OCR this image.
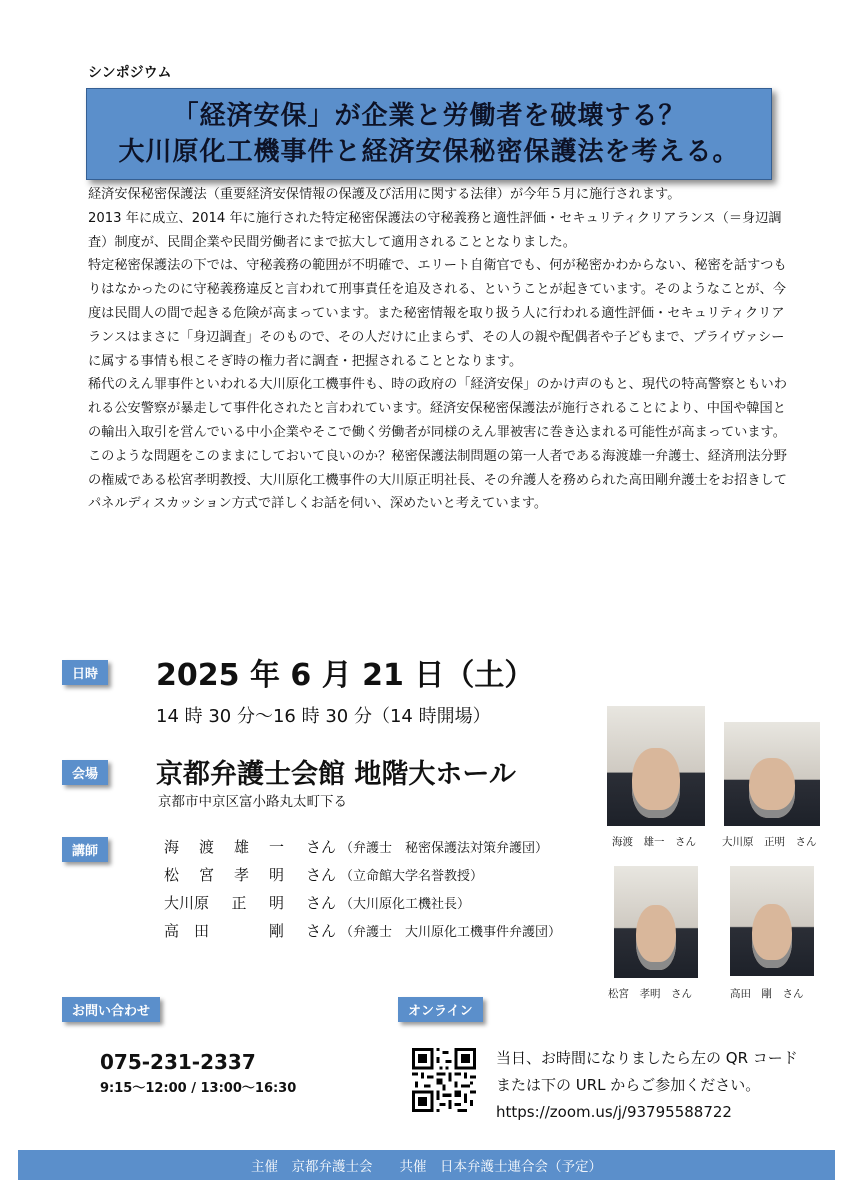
シンポジウム
「経済安保」が企業と労働者を破壊する？
大川原化工機事件と経済安保秘密保護法を考える。

経済安保秘密保護法（重要経済安保情報の保護及び活用に関する法律）が今年５月に施行されます。

2013 年に成立、2014 年に施行された特定秘密保護法の守秘義務と適性評価・セキュリティクリアランス（＝身辺調査）制度が、民間企業や民間労働者にまで拡大して適用されることとなりました。

特定秘密保護法の下では、守秘義務の範囲が不明確で、エリート自衛官でも、何が秘密かわからない、秘密を話すつもりはなかったのに守秘義務違反と言われて刑事責任を追及される、ということが起きています。そのようなことが、今度は民間人の間で起きる危険が高まっています。また秘密情報を取り扱う人に行われる適性評価・セキュリティクリアランスはまさに「身辺調査」そのもので、その人だけに止まらず、その人の親や配偶者や子どもまで、プライヴァシーに属する事情も根こそぎ時の権力者に調査・把握されることとなります。

稀代のえん罪事件といわれる大川原化工機事件も、時の政府の「経済安保」のかけ声のもと、現代の特高警察ともいわれる公安警察が暴走して事件化されたと言われています。経済安保秘密保護法が施行されることにより、中国や韓国との輸出入取引を営んでいる中小企業やそこで働く労働者が同様のえん罪被害に巻き込まれる可能性が高まっています。

このような問題をこのままにしておいて良いのか？秘密保護法制問題の第一人者である海渡雄一弁護士、経済刑法分野の権威である松宮孝明教授、大川原化工機事件の大川原正明社長、その弁護人を務められた高田剛弁護士をお招きしてパネルディスカッション方式で詳しくお話を伺い、深めたいと考えています。

日時	2025 年 6 月 21 日（土）
14 時 30 分～16 時 30 分（14 時開場）
会場	京都弁護士会館 地階大ホール
京都市中京区富小路丸太町下る
講師	海 渡 雄 一 さん （弁護士　秘密保護法対策弁護団）
松 宮 孝 明 さん （立命館大学名誉教授）
大川原 正 明 さん （大川原化工機社長）
高 田	剛 さん （弁護士　大川原化工機事件弁護団）
海渡　雄一　さん 大川原　正明　さん
松宮　孝明　さん	高田　剛　さん
お問い合わせ
075-231-2337
9:15～12:00 / 13:00～16:30
オンライン
当日、お時間になりましたら左の QR コード
または下の URL からご参加ください。
https://zoom.us/j/93795588722
主催　京都弁護士会　　共催　日本弁護士連合会（予定）
